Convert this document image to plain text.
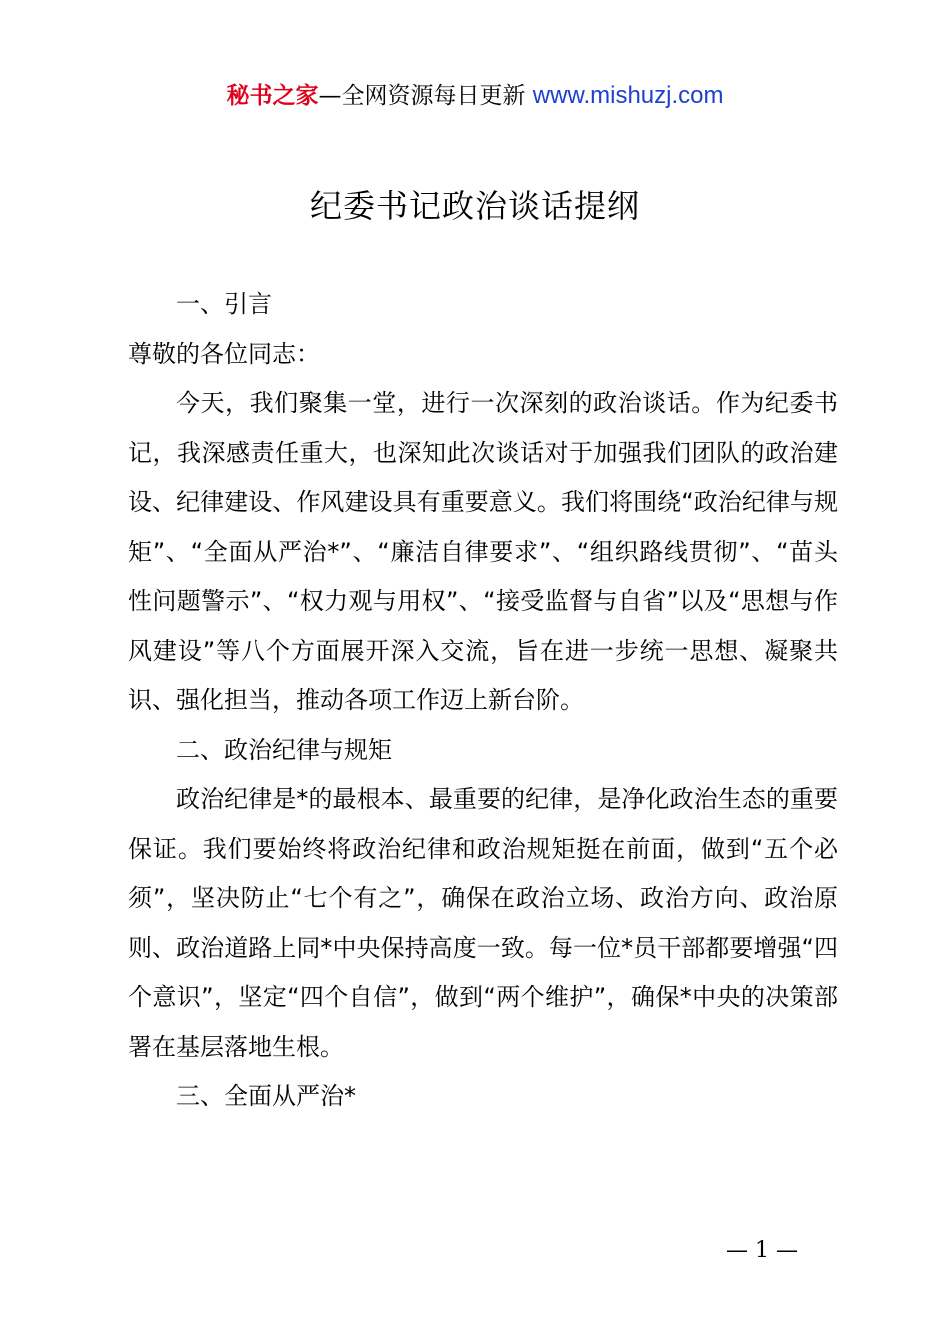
秘书之家—全网资源每日更新 www.mishuzj.com
纪委书记政治谈话提纲

一、引言

尊敬的各位同志：

今天，我们聚集一堂，进行一次深刻的政治谈话。作为纪委书记，我深感责任重大，也深知此次谈话对于加强我们团队的政治建设、纪律建设、作风建设具有重要意义。我们将围绕“政治纪律与规矩”、“全面从严治*”、“廉洁自律要求”、“组织路线贯彻”、“苗头性问题警示”、“权力观与用权”、“接受监督与自省”以及“思想与作风建设”等八个方面展开深入交流，旨在进一步统一思想、凝聚共识、强化担当，推动各项工作迈上新台阶。

二、政治纪律与规矩

政治纪律是*的最根本、最重要的纪律，是净化政治生态的重要保证。我们要始终将政治纪律和政治规矩挺在前面，做到“五个必须”，坚决防止“七个有之”，确保在政治立场、政治方向、政治原则、政治道路上同*中央保持高度一致。每一位*员干部都要增强“四个意识”，坚定“四个自信”，做到“两个维护”，确保*中央的决策部署在基层落地生根。

三、全面从严治*

— 1 —
